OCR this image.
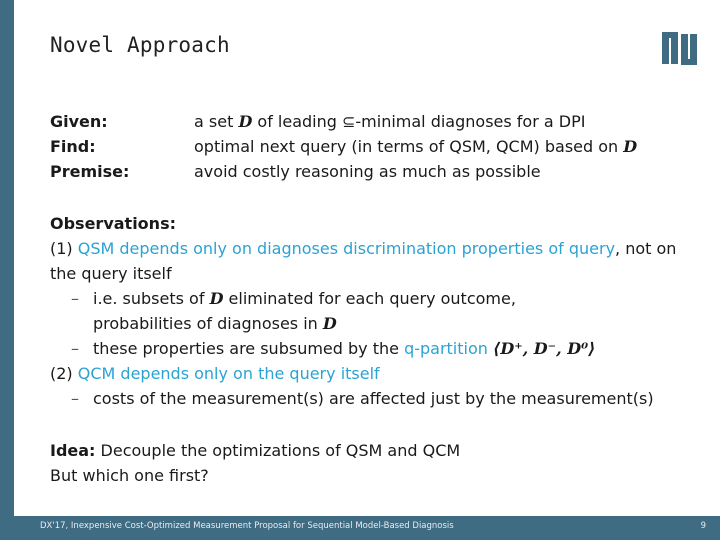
Novel Approach
Given:	a set D of leading ⊆-minimal diagnoses for a DPI
Find:	optimal next query (in terms of QSM, QCM) based on D
Premise:	avoid costly reasoning as much as possible
Observations:
(1) QSM depends only on diagnoses discrimination properties of query, not on the query itself
– i.e. subsets of D eliminated for each query outcome,
probabilities of diagnoses in D
– these properties are subsumed by the q-partition ⟨D⁺, D⁻, D⁰⟩
(2) QCM depends only on the query itself
– costs of the measurement(s) are affected just by the measurement(s)
Idea: Decouple the optimizations of QSM and QCM
But which one first?
DX'17, Inexpensive Cost-Optimized Measurement Proposal for Sequential Model-Based Diagnosis	9
